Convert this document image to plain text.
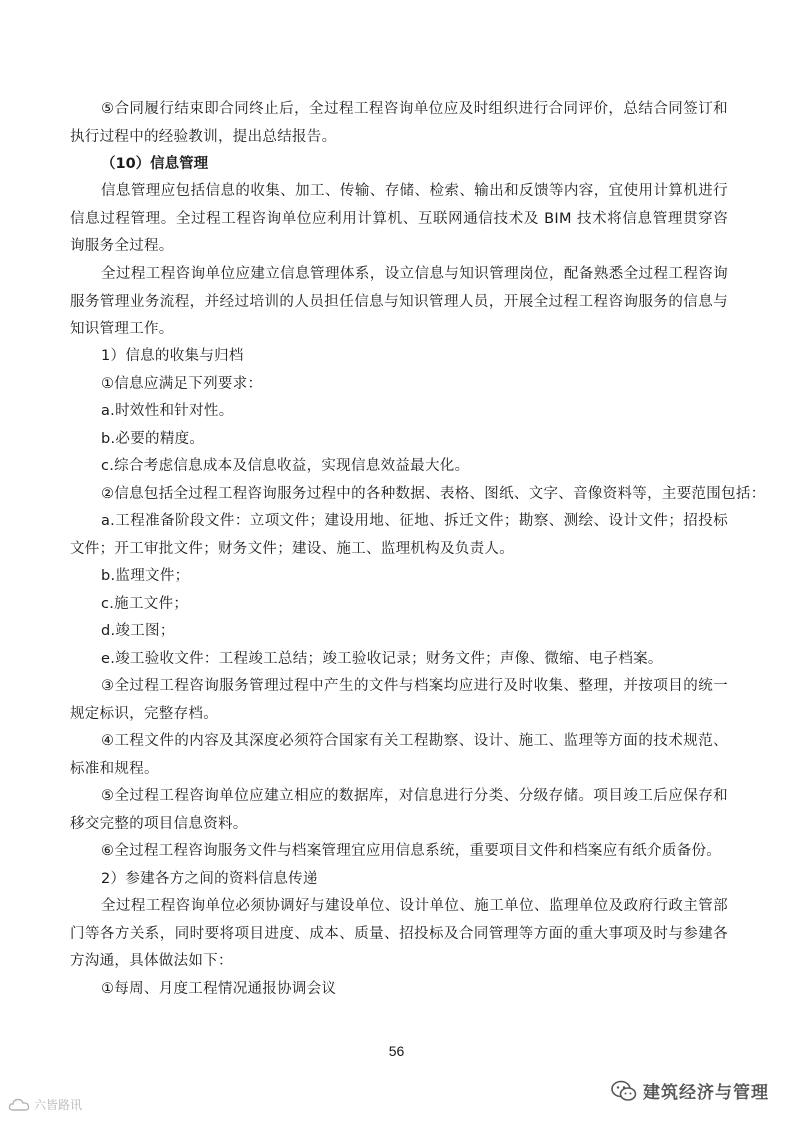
⑤合同履行结束即合同终止后，全过程工程咨询单位应及时组织进行合同评价，总结合同签订和执行过程中的经验教训，提出总结报告。

（10）信息管理

信息管理应包括信息的收集、加工、传输、存储、检索、输出和反馈等内容，宜使用计算机进行信息过程管理。全过程工程咨询单位应利用计算机、互联网通信技术及 BIM 技术将信息管理贯穿咨询服务全过程。

全过程工程咨询单位应建立信息管理体系，设立信息与知识管理岗位，配备熟悉全过程工程咨询服务管理业务流程，并经过培训的人员担任信息与知识管理人员，开展全过程工程咨询服务的信息与知识管理工作。

1）信息的收集与归档

①信息应满足下列要求：

a.时效性和针对性。

b.必要的精度。

c.综合考虑信息成本及信息收益，实现信息效益最大化。

②信息包括全过程工程咨询服务过程中的各种数据、表格、图纸、文字、音像资料等，主要范围包括：

a.工程准备阶段文件：立项文件；建设用地、征地、拆迁文件；勘察、测绘、设计文件；招投标文件；开工审批文件；财务文件；建设、施工、监理机构及负责人。

b.监理文件；

c.施工文件；

d.竣工图；

e.竣工验收文件：工程竣工总结；竣工验收记录；财务文件；声像、微缩、电子档案。

③全过程工程咨询服务管理过程中产生的文件与档案均应进行及时收集、整理，并按项目的统一规定标识，完整存档。

④工程文件的内容及其深度必须符合国家有关工程勘察、设计、施工、监理等方面的技术规范、标准和规程。

⑤全过程工程咨询单位应建立相应的数据库，对信息进行分类、分级存储。项目竣工后应保存和移交完整的项目信息资料。

⑥全过程工程咨询服务文件与档案管理宜应用信息系统，重要项目文件和档案应有纸介质备份。

2）参建各方之间的资料信息传递

全过程工程咨询单位必须协调好与建设单位、设计单位、施工单位、监理单位及政府行政主管部门等各方关系，同时要将项目进度、成本、质量、招投标及合同管理等方面的重大事项及时与参建各方沟通，具体做法如下：

①每周、月度工程情况通报协调会议

56
建筑经济与管理
六皆路讯
